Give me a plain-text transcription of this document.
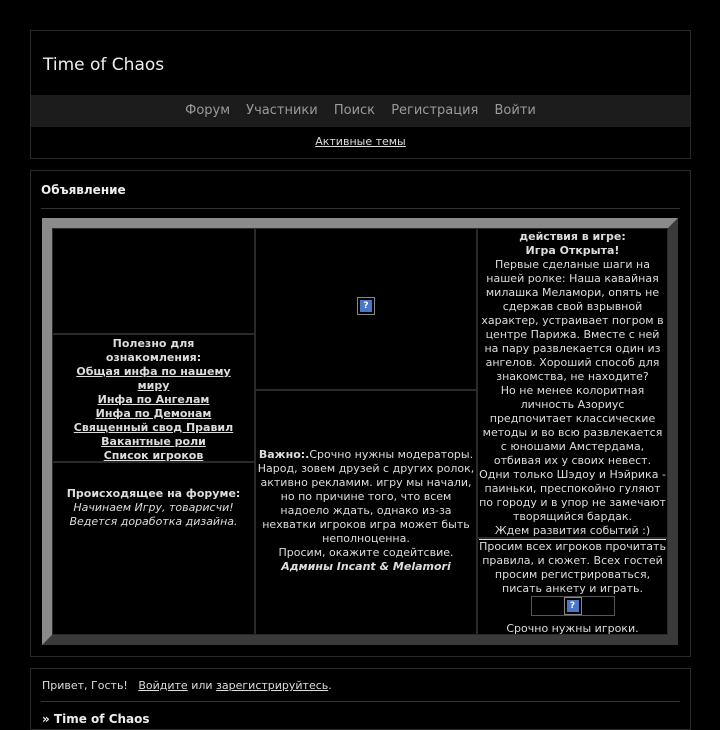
Time of Chaos
Форум Участники Поиск Регистрация Войти
Активные темы
Объявление
Полезно для ознакомления:
Общая инфа по нашему миру
Инфа по Ангелам
Инфа по Демонам
Священный свод Правил
Вакантные роли
Список игроков
Происходящее на форуме:
Начинаем Игру, товарисчи!
Ведется доработка дизайна.
?
Важно:.Срочно нужны модераторы. Народ, зовем друзей с других ролок, активно рекламим. игру мы начали, но по причине того, что всем надоело ждать, однако из-за нехватки игроков игра может быть неполноценна.
Просим, окажите содейтсвие.
Админы Incant & Melamori
действия в игре:
Игра Открыта!
Первые сделаные шаги на нашей ролке: Наша кавайная милашка Меламори, опять не сдержав свой взрывной характер, устраивает погром в центре Парижа. Вместе с ней на пару развлекается один из ангелов. Хороший способ для знакомства, не находите?
Но не менее колоритная личность Азориус предпочитает классические методы и во всю развлекается с юношами Амстердама, отбивая их у своих невест.
Одни только Шэдоу и Нэйрика - паиньки, преспокойно гуляют по городу и в упор не замечают творящийся бардак.
Ждем развития событий :)
Просим всех игроков прочитать правила, и сюжет. Всех гостей просим регистрироваться, писать анкету и играть.
?
Срочно нужны игроки.
Привет, Гость! Войдите или зарегистрируйтесь.
» Time of Chaos
